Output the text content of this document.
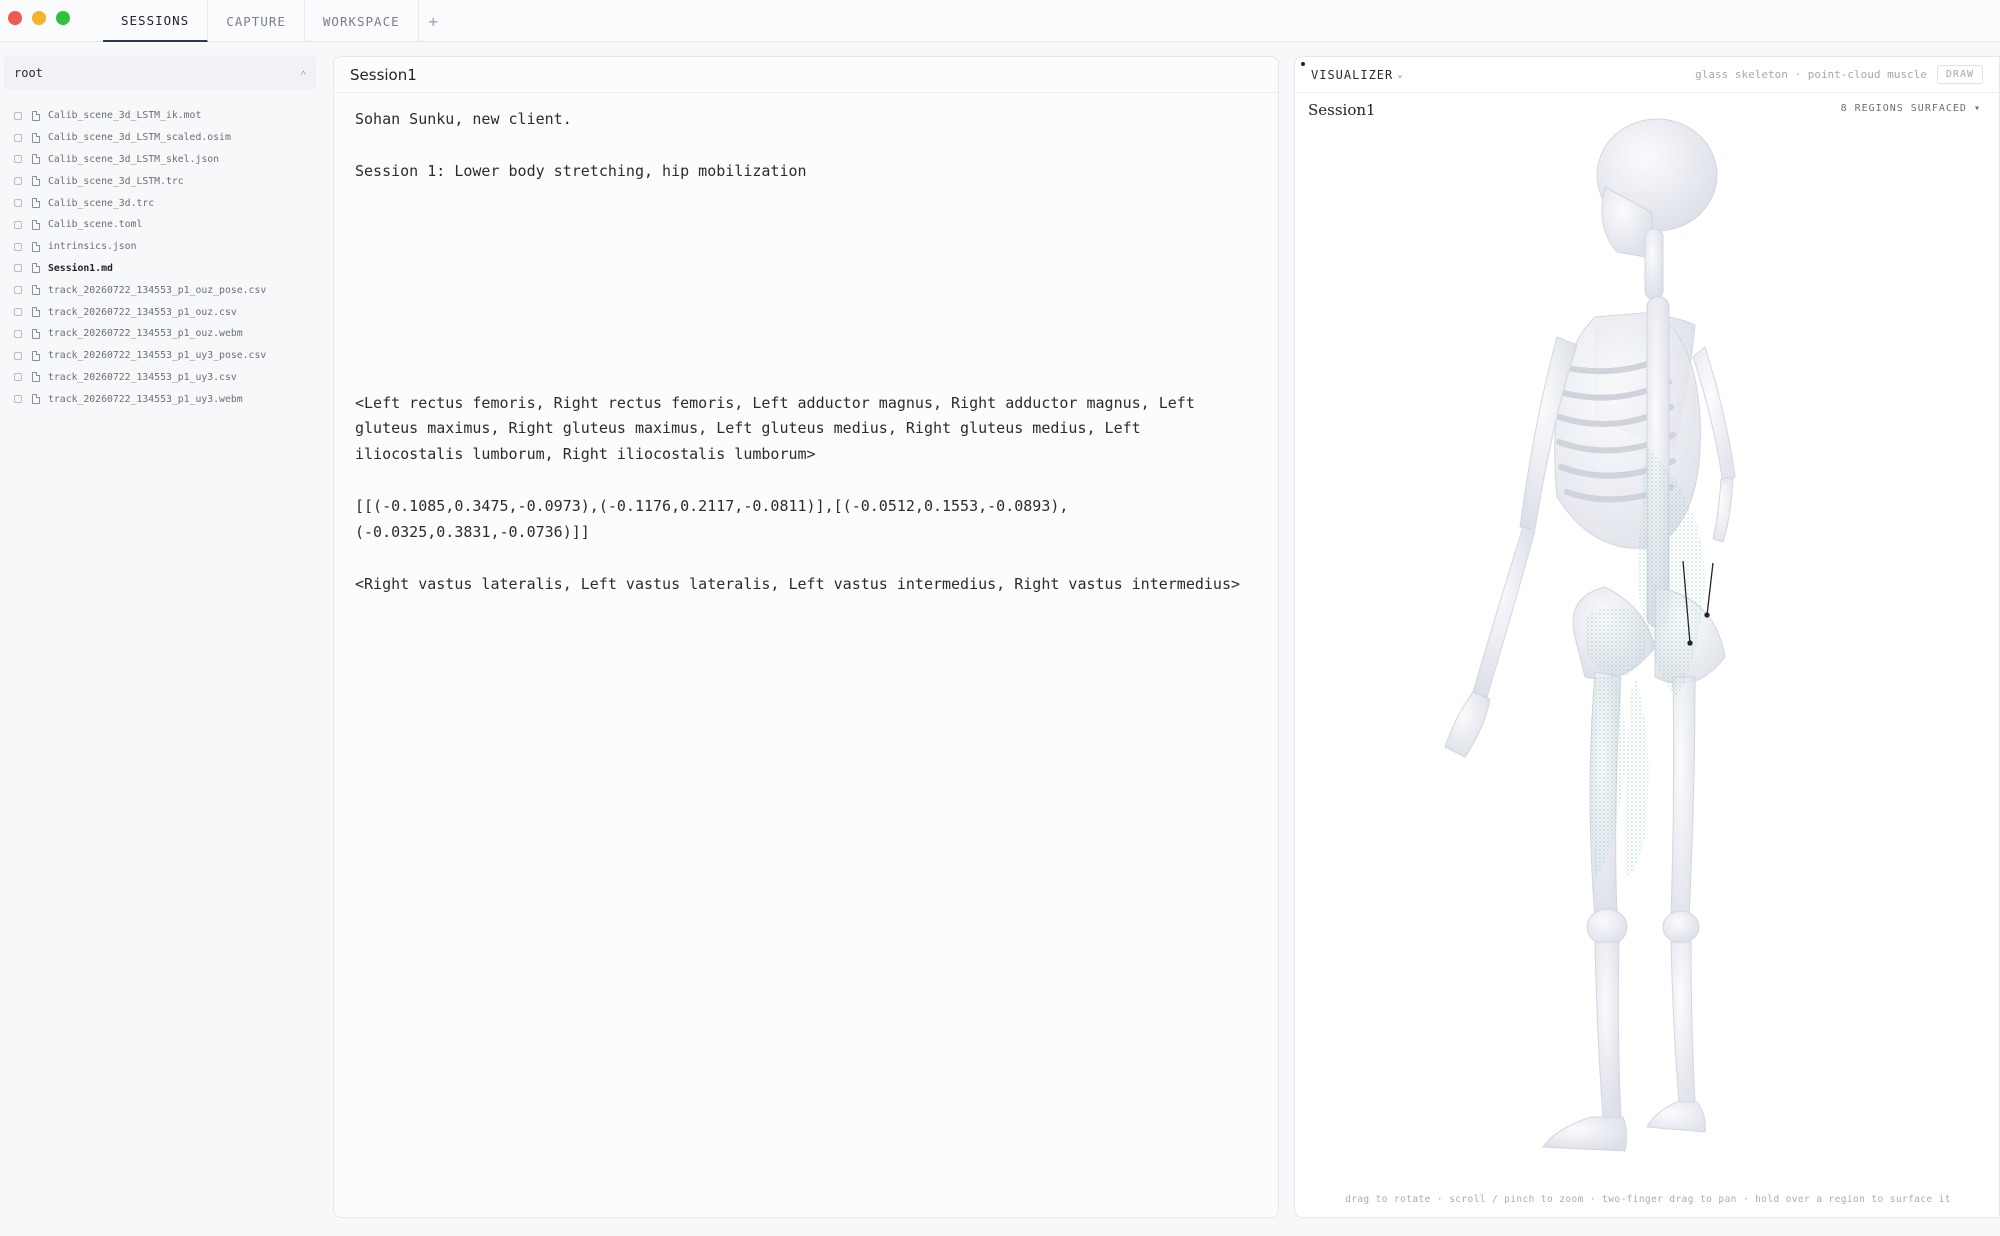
SESSIONS	CAPTURE	WORKSPACE	+
root	˄
Calib_scene_3d_LSTM_ik.mot
Calib_scene_3d_LSTM_scaled.osim
Calib_scene_3d_LSTM_skel.json
Calib_scene_3d_LSTM.trc
Calib_scene_3d.trc
Calib_scene.toml
intrinsics.json
Session1.md
track_20260722_134553_p1_ouz_pose.csv
track_20260722_134553_p1_ouz.csv
track_20260722_134553_p1_ouz.webm
track_20260722_134553_p1_uy3_pose.csv
track_20260722_134553_p1_uy3.csv
track_20260722_134553_p1_uy3.webm
Session1

Sohan Sunku, new client.

Session 1: Lower body stretching, hip mobilization

<Left rectus femoris, Right rectus femoris, Left adductor magnus, Right adductor magnus, Left gluteus maximus, Right gluteus maximus, Left gluteus medius, Right gluteus medius, Left iliocostalis lumborum, Right iliocostalis lumborum>

[[(-0.1085,0.3475,-0.0973),(-0.1176,0.2117,-0.0811)],[(-0.0512,0.1553,-0.0893),(-0.0325,0.3831,-0.0736)]]

<Right vastus lateralis, Left vastus lateralis, Left vastus intermedius, Right vastus intermedius>

VISUALIZER ⌄	glass skeleton · point-cloud muscle	DRAW
Session1	8 REGIONS SURFACED ▾
drag to rotate · scroll / pinch to zoom · two-finger drag to pan · hold over a region to surface it
